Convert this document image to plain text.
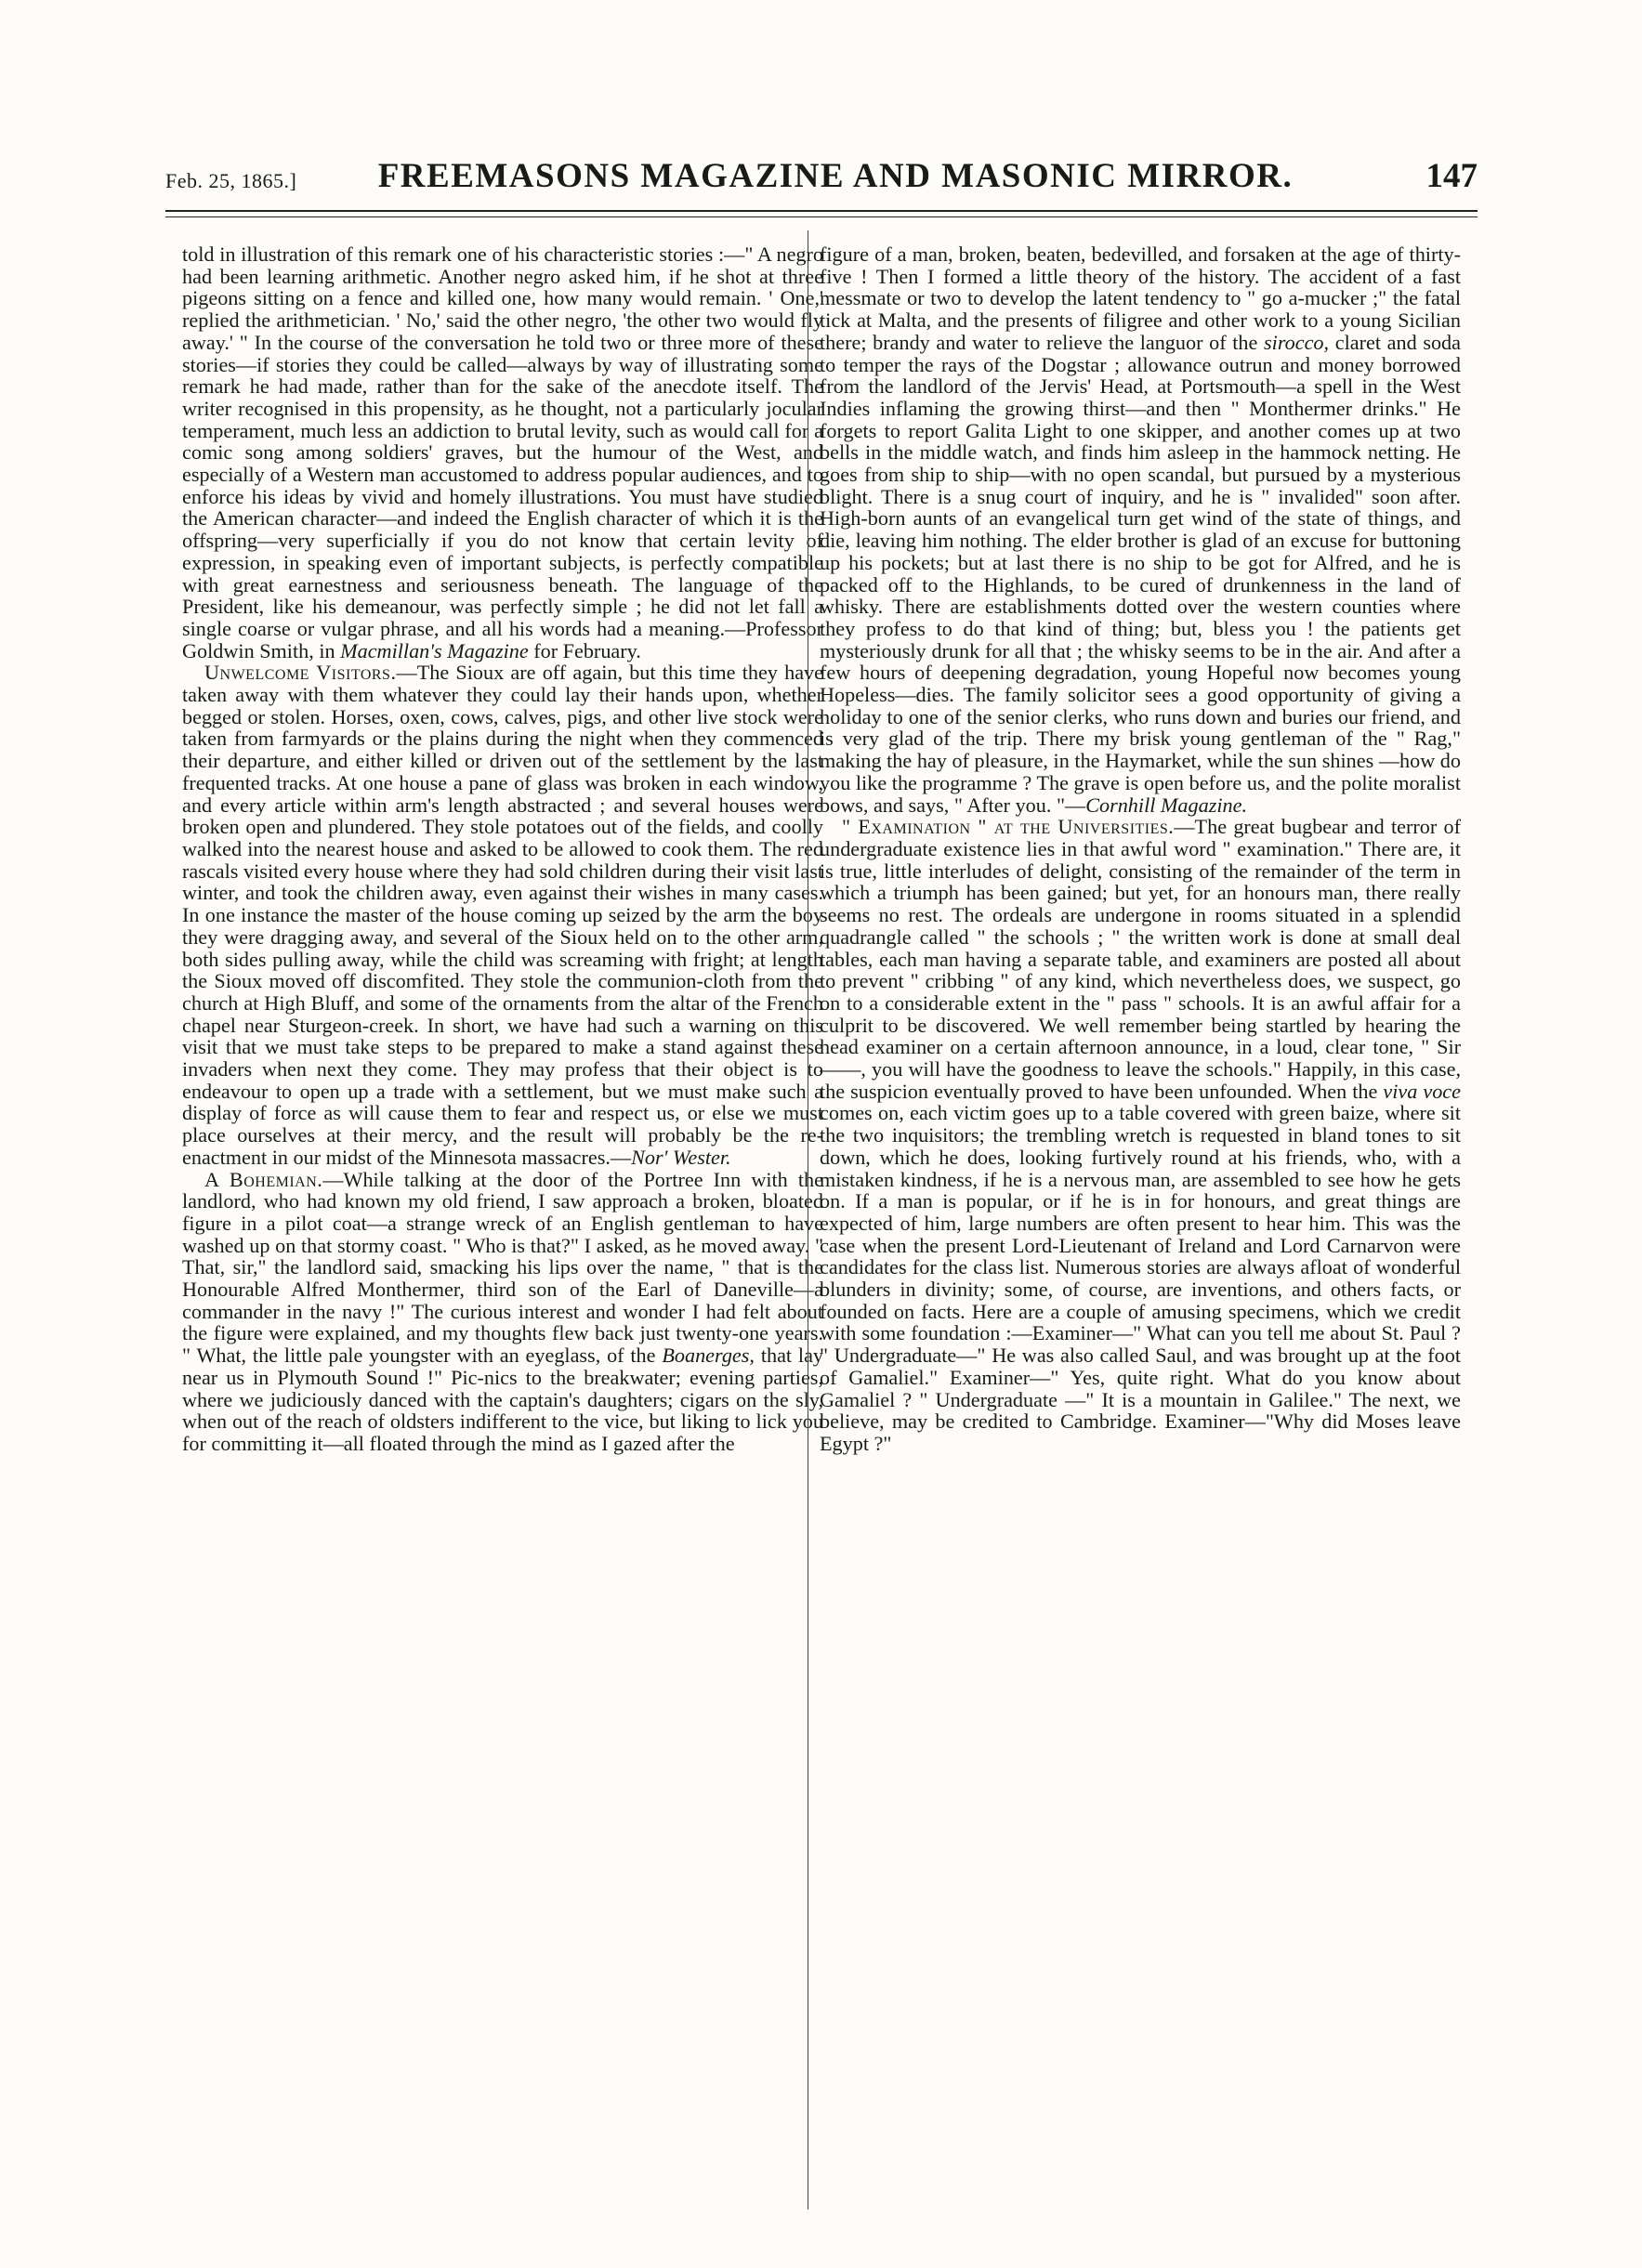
Feb. 25, 1865.]	FREEMASONS MAGAZINE AND MASONIC MIRROR.	147

told in illustration of this remark one of his characteristic stories :—" A negro had been learning arithmetic. Another negro asked him, if he shot at three pigeons sitting on a fence and killed one, how many would remain. ' One,' replied the arithmetician. ' No,' said the other negro, 'the other two would fly away.' " In the course of the conversation he told two or three more of these stories—if stories they could be called—always by way of illustrating some remark he had made, rather than for the sake of the anecdote itself. The writer recognised in this propensity, as he thought, not a particularly jocular temperament, much less an addiction to brutal levity, such as would call for a comic song among soldiers' graves, but the humour of the West, and especially of a Western man accustomed to address popular audiences, and to enforce his ideas by vivid and homely illustrations. You must have studied the American character—and indeed the English character of which it is the offspring—very superficially if you do not know that certain levity of expression, in speaking even of important subjects, is perfectly compatible with great earnestness and seriousness beneath. The language of the President, like his demeanour, was perfectly simple ; he did not let fall a single coarse or vulgar phrase, and all his words had a meaning.—Professor Goldwin Smith, in Macmillan's Magazine for February.

Unwelcome Visitors.—The Sioux are off again, but this time they have taken away with them whatever they could lay their hands upon, whether begged or stolen. Horses, oxen, cows, calves, pigs, and other live stock were taken from farmyards or the plains during the night when they commenced their departure, and either killed or driven out of the settlement by the last frequented tracks. At one house a pane of glass was broken in each window, and every article within arm's length abstracted ; and several houses were broken open and plundered. They stole potatoes out of the fields, and coolly walked into the nearest house and asked to be allowed to cook them. The red rascals visited every house where they had sold children during their visit last winter, and took the children away, even against their wishes in many cases. In one instance the master of the house coming up seized by the arm the boy they were dragging away, and several of the Sioux held on to the other arm, both sides pulling away, while the child was screaming with fright; at length the Sioux moved off discomfited. They stole the communion-cloth from the church at High Bluff, and some of the ornaments from the altar of the French chapel near Sturgeon-creek. In short, we have had such a warning on this visit that we must take steps to be prepared to make a stand against these invaders when next they come. They may profess that their object is to endeavour to open up a trade with a settlement, but we must make such a display of force as will cause them to fear and respect us, or else we must place ourselves at their mercy, and the result will probably be the re-enactment in our midst of the Minnesota massacres.—Nor' Wester.

A Bohemian.—While talking at the door of the Portree Inn with the landlord, who had known my old friend, I saw approach a broken, bloated figure in a pilot coat—a strange wreck of an English gentleman to have washed up on that stormy coast. " Who is that?" I asked, as he moved away. " That, sir," the landlord said, smacking his lips over the name, " that is the Honourable Alfred Monthermer, third son of the Earl of Daneville—a commander in the navy !" The curious interest and wonder I had felt about the figure were explained, and my thoughts flew back just twenty-one years. " What, the little pale youngster with an eyeglass, of the Boanerges, that lay near us in Plymouth Sound !" Pic-nics to the breakwater; evening parties, where we judiciously danced with the captain's daughters; cigars on the sly, when out of the reach of oldsters indifferent to the vice, but liking to lick you for committing it—all floated through the mind as I gazed after the

figure of a man, broken, beaten, bedevilled, and forsaken at the age of thirty-five ! Then I formed a little theory of the history. The accident of a fast messmate or two to develop the latent tendency to " go a-mucker ;" the fatal tick at Malta, and the presents of filigree and other work to a young Sicilian there; brandy and water to relieve the languor of the sirocco, claret and soda to temper the rays of the Dogstar ; allowance outrun and money borrowed from the landlord of the Jervis' Head, at Portsmouth—a spell in the West Indies inflaming the growing thirst—and then " Monthermer drinks." He forgets to report Galita Light to one skipper, and another comes up at two bells in the middle watch, and finds him asleep in the hammock netting. He goes from ship to ship—with no open scandal, but pursued by a mysterious blight. There is a snug court of inquiry, and he is " invalided" soon after. High-born aunts of an evangelical turn get wind of the state of things, and die, leaving him nothing. The elder brother is glad of an excuse for buttoning up his pockets; but at last there is no ship to be got for Alfred, and he is packed off to the Highlands, to be cured of drunkenness in the land of whisky. There are establishments dotted over the western counties where they profess to do that kind of thing; but, bless you ! the patients get mysteriously drunk for all that ; the whisky seems to be in the air. And after a few hours of deepening degradation, young Hopeful now becomes young Hopeless—dies. The family solicitor sees a good opportunity of giving a holiday to one of the senior clerks, who runs down and buries our friend, and is very glad of the trip. There my brisk young gentleman of the " Rag," making the hay of pleasure, in the Haymarket, while the sun shines —how do you like the programme ? The grave is open before us, and the polite moralist bows, and says, " After you. "—Cornhill Magazine.

" Examination " at the Universities.—The great bugbear and terror of undergraduate existence lies in that awful word " examination." There are, it is true, little interludes of delight, consisting of the remainder of the term in which a triumph has been gained; but yet, for an honours man, there really seems no rest. The ordeals are undergone in rooms situated in a splendid quadrangle called " the schools ; " the written work is done at small deal tables, each man having a separate table, and examiners are posted all about to prevent " cribbing " of any kind, which nevertheless does, we suspect, go on to a considerable extent in the " pass " schools. It is an awful affair for a culprit to be discovered. We well remember being startled by hearing the head examiner on a certain afternoon announce, in a loud, clear tone, " Sir ——, you will have the goodness to leave the schools." Happily, in this case, the suspicion eventually proved to have been unfounded. When the viva voce comes on, each victim goes up to a table covered with green baize, where sit the two inquisitors; the trembling wretch is requested in bland tones to sit down, which he does, looking furtively round at his friends, who, with a mistaken kindness, if he is a nervous man, are assembled to see how he gets on. If a man is popular, or if he is in for honours, and great things are expected of him, large numbers are often present to hear him. This was the case when the present Lord-Lieutenant of Ireland and Lord Carnarvon were candidates for the class list. Numerous stories are always afloat of wonderful blunders in divinity; some, of course, are inventions, and others facts, or founded on facts. Here are a couple of amusing specimens, which we credit with some foundation :—Examiner—" What can you tell me about St. Paul ? " Undergraduate—" He was also called Saul, and was brought up at the foot of Gamaliel." Examiner—" Yes, quite right. What do you know about Gamaliel ? " Undergraduate —" It is a mountain in Galilee." The next, we believe, may be credited to Cambridge. Examiner—"Why did Moses leave Egypt ?"
